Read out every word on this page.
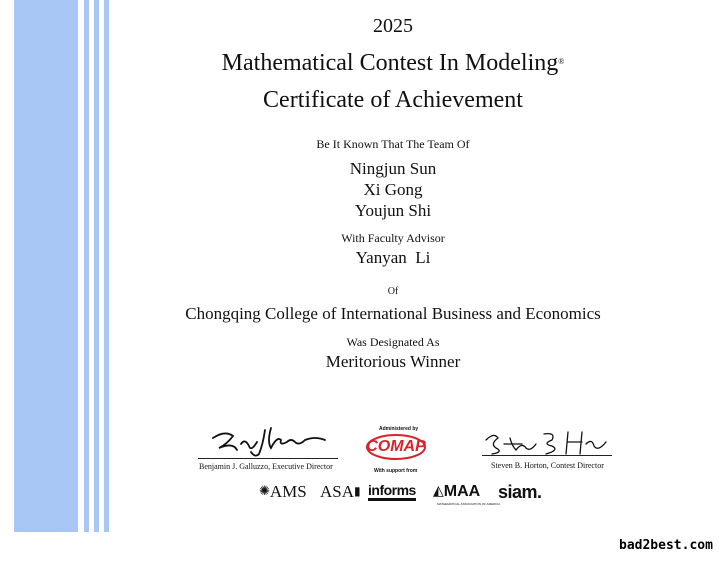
2025
Mathematical Contest In Modeling®
Certificate of Achievement
Be It Known That The Team Of
Ningjun Sun
Xi Gong
Youjun Shi
With Faculty Advisor
Yanyan  Li
Of
Chongqing College of International Business and Economics
Was Designated As
Meritorious Winner
Benjamin J. Galluzzo, Executive Director
Administered by
COMAP
With support from
Steven B. Horton, Contest Director
✺AMS ASA▮ informs ◭MAA
MATHEMATICAL ASSOCIATION OF AMERICA
siam.
bad2best.com
